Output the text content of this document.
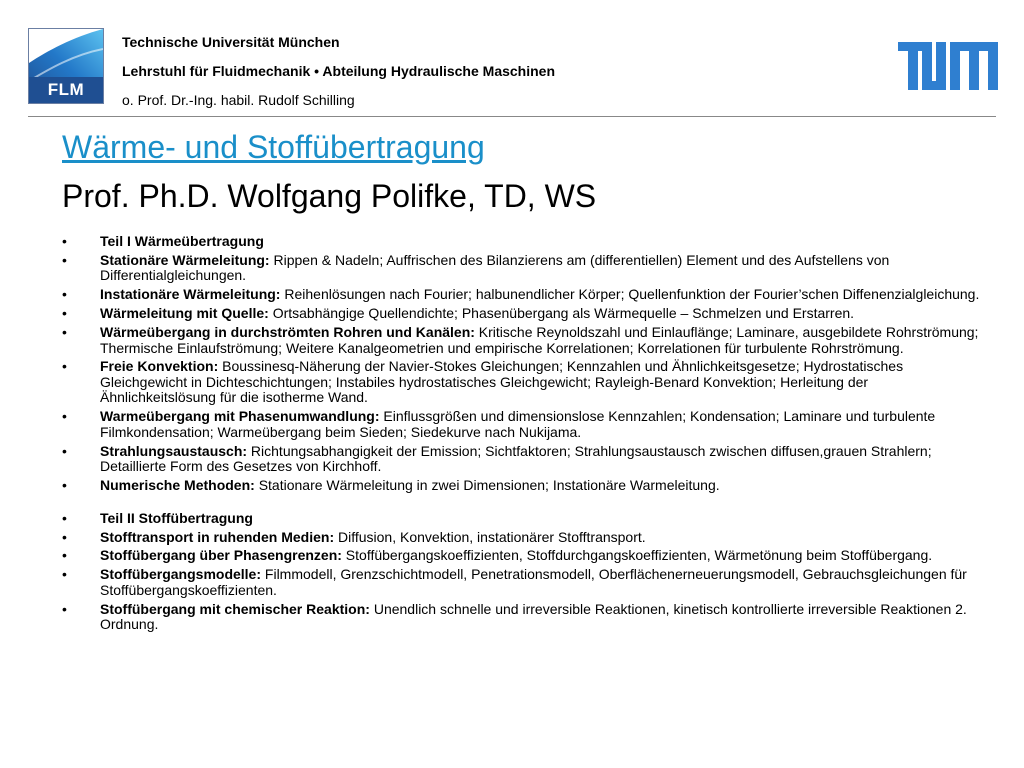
FLM
Technische Universität München
Lehrstuhl für Fluidmechanik • Abteilung Hydraulische Maschinen
o. Prof. Dr.-Ing. habil. Rudolf Schilling
Wärme- und Stoffübertragung
Prof. Ph.D. Wolfgang Polifke, TD, WS
• Teil I Wärmeübertragung
• Stationäre Wärmeleitung: Rippen & Nadeln; Auffrischen des Bilanzierens am (differentiellen) Element und des Aufstellens von Differentialgleichungen.
• Instationäre Wärmeleitung: Reihenlösungen nach Fourier; halbunendlicher Körper; Quellenfunktion der Fourier’schen Diffenenzialgleichung.
• Wärmeleitung mit Quelle: Ortsabhängige Quellendichte; Phasenübergang als Wärmequelle – Schmelzen und Erstarren.
• Wärmeübergang in durchströmten Rohren und Kanälen: Kritische Reynoldszahl und Einlauflänge; Laminare, ausgebildete Rohrströmung; Thermische Einlaufströmung; Weitere Kanalgeometrien und empirische Korrelationen; Korrelationen für turbulente Rohrströmung.
• Freie Konvektion: Boussinesq-Näherung der Navier-Stokes Gleichungen; Kennzahlen und Ähnlichkeitsgesetze; Hydrostatisches Gleichgewicht in Dichteschichtungen; Instabiles hydrostatisches Gleichgewicht; Rayleigh-Benard Konvektion; Herleitung der Ähnlichkeitslösung für die isotherme Wand.
• Warmeübergang mit Phasenumwandlung: Einflussgrößen und dimensionslose Kennzahlen; Kondensation; Laminare und turbulente Filmkondensation; Warmeübergang beim Sieden; Siedekurve nach Nukijama.
• Strahlungsaustausch: Richtungsabhangigkeit der Emission; Sichtfaktoren; Strahlungsaustausch zwischen diffusen,grauen Strahlern; Detaillierte Form des Gesetzes von Kirchhoff.
• Numerische Methoden: Stationare Wärmeleitung in zwei Dimensionen; Instationäre Warmeleitung.
• Teil II Stoffübertragung
• Stofftransport in ruhenden Medien: Diffusion, Konvektion, instationärer Stofftransport.
• Stoffübergang über Phasengrenzen: Stoffübergangskoeffizienten, Stoffdurchgangskoeffizienten, Wärmetönung beim Stoffübergang.
• Stoffübergangsmodelle: Filmmodell, Grenzschichtmodell, Penetrationsmodell, Oberflächenerneuerungsmodell, Gebrauchsgleichungen für Stoffübergangskoeffizienten.
• Stoffübergang mit chemischer Reaktion: Unendlich schnelle und irreversible Reaktionen, kinetisch kontrollierte irreversible Reaktionen 2. Ordnung.
